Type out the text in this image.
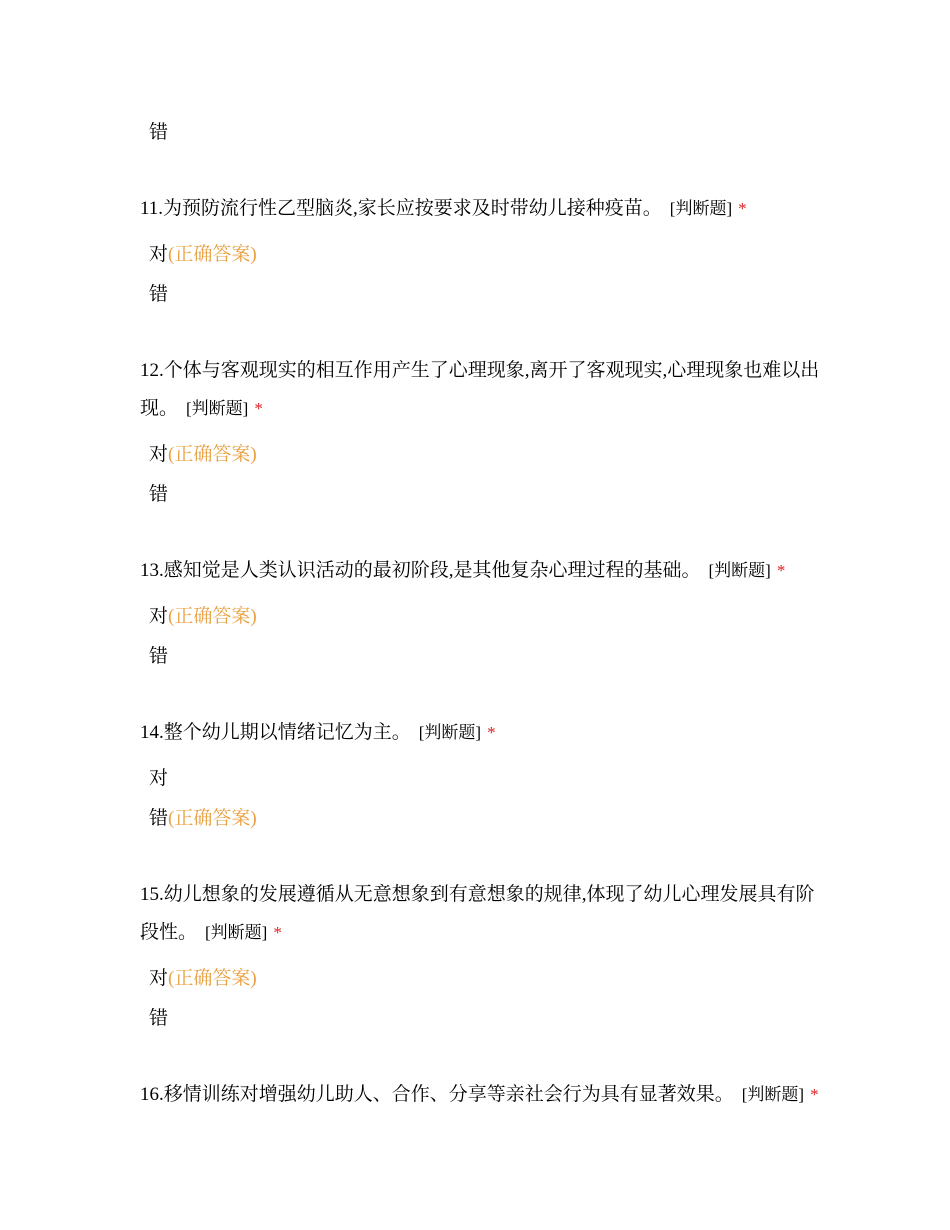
错
11.为预防流行性乙型脑炎,家长应按要求及时带幼儿接种疫苗。 [判断题] *
对(正确答案)
错
12.个体与客观现实的相互作用产生了心理现象,离开了客观现实,心理现象也难以出
现。 [判断题] *
对(正确答案)
错
13.感知觉是人类认识活动的最初阶段,是其他复杂心理过程的基础。 [判断题] *
对(正确答案)
错
14.整个幼儿期以情绪记忆为主。 [判断题] *
对
错(正确答案)
15.幼儿想象的发展遵循从无意想象到有意想象的规律,体现了幼儿心理发展具有阶
段性。 [判断题] *
对(正确答案)
错
16.移情训练对增强幼儿助人、合作、分享等亲社会行为具有显著效果。 [判断题] *
